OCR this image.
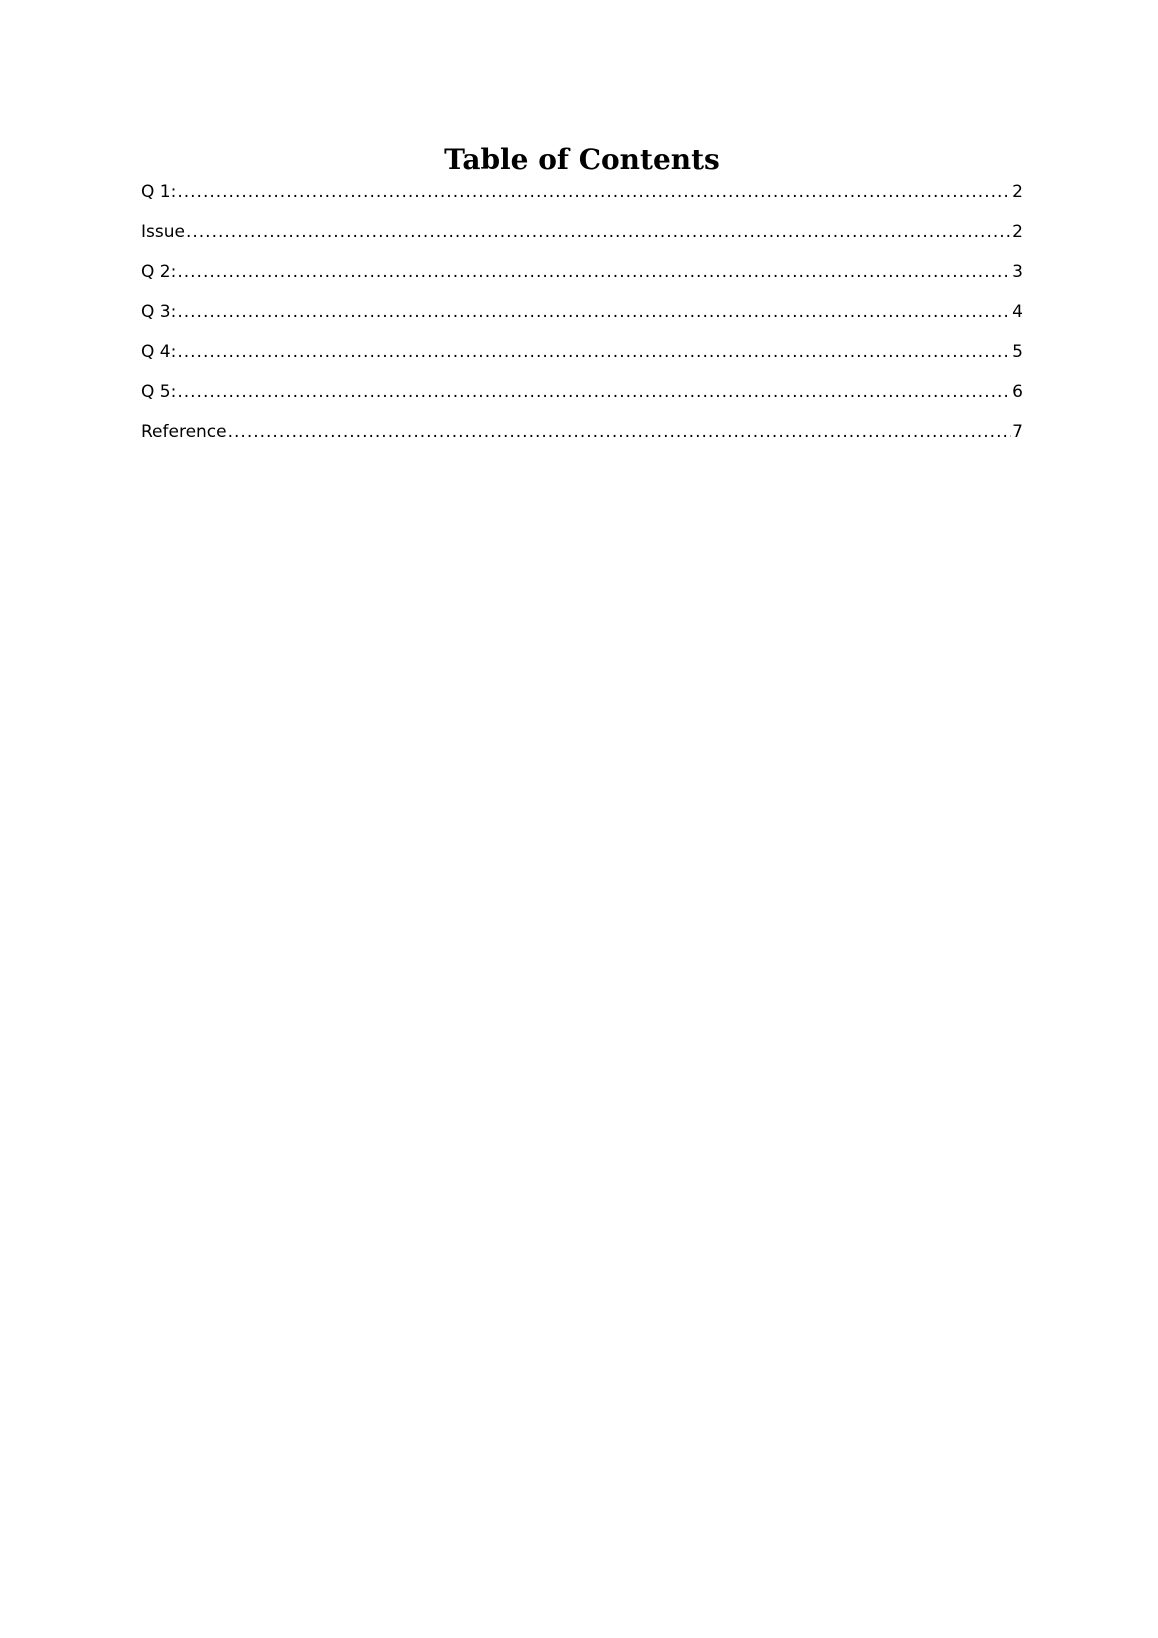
Table of Contents
Q 1: .....	2
Issue .....	2
Q 2: .....	3
Q 3: .....	4
Q 4: .....	5
Q 5: .....	6
Reference .....	7
